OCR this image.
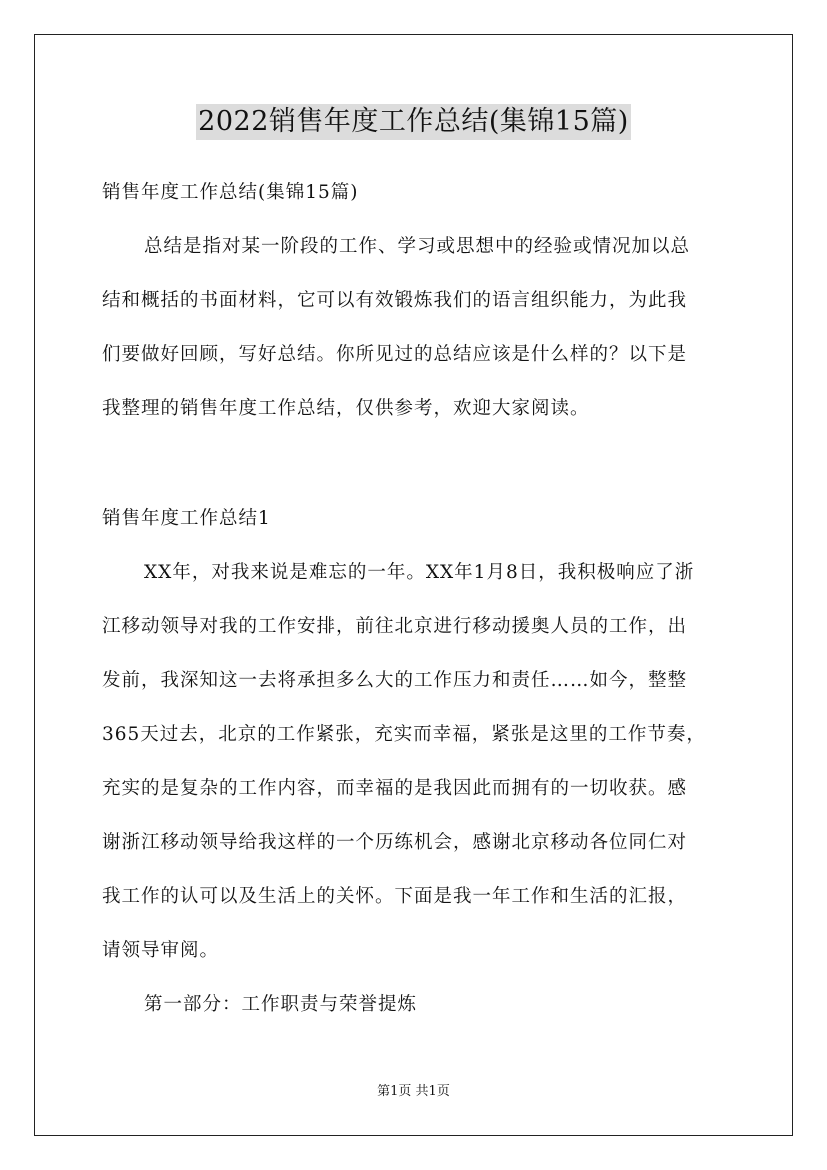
2022销售年度工作总结(集锦15篇)
销售年度工作总结(集锦15篇)
总结是指对某一阶段的工作、学习或思想中的经验或情况加以总
结和概括的书面材料，它可以有效锻炼我们的语言组织能力，为此我
们要做好回顾，写好总结。你所见过的总结应该是什么样的？以下是
我整理的销售年度工作总结，仅供参考，欢迎大家阅读。
销售年度工作总结1
XX年，对我来说是难忘的一年。XX年1月8日，我积极响应了浙
江移动领导对我的工作安排，前往北京进行移动援奥人员的工作，出
发前，我深知这一去将承担多么大的工作压力和责任……如今，整整
365天过去，北京的工作紧张，充实而幸福，紧张是这里的工作节奏，
充实的是复杂的工作内容，而幸福的是我因此而拥有的一切收获。感
谢浙江移动领导给我这样的一个历练机会，感谢北京移动各位同仁对
我工作的认可以及生活上的关怀。下面是我一年工作和生活的汇报，
请领导审阅。
第一部分：工作职责与荣誉提炼
第1页 共1页
